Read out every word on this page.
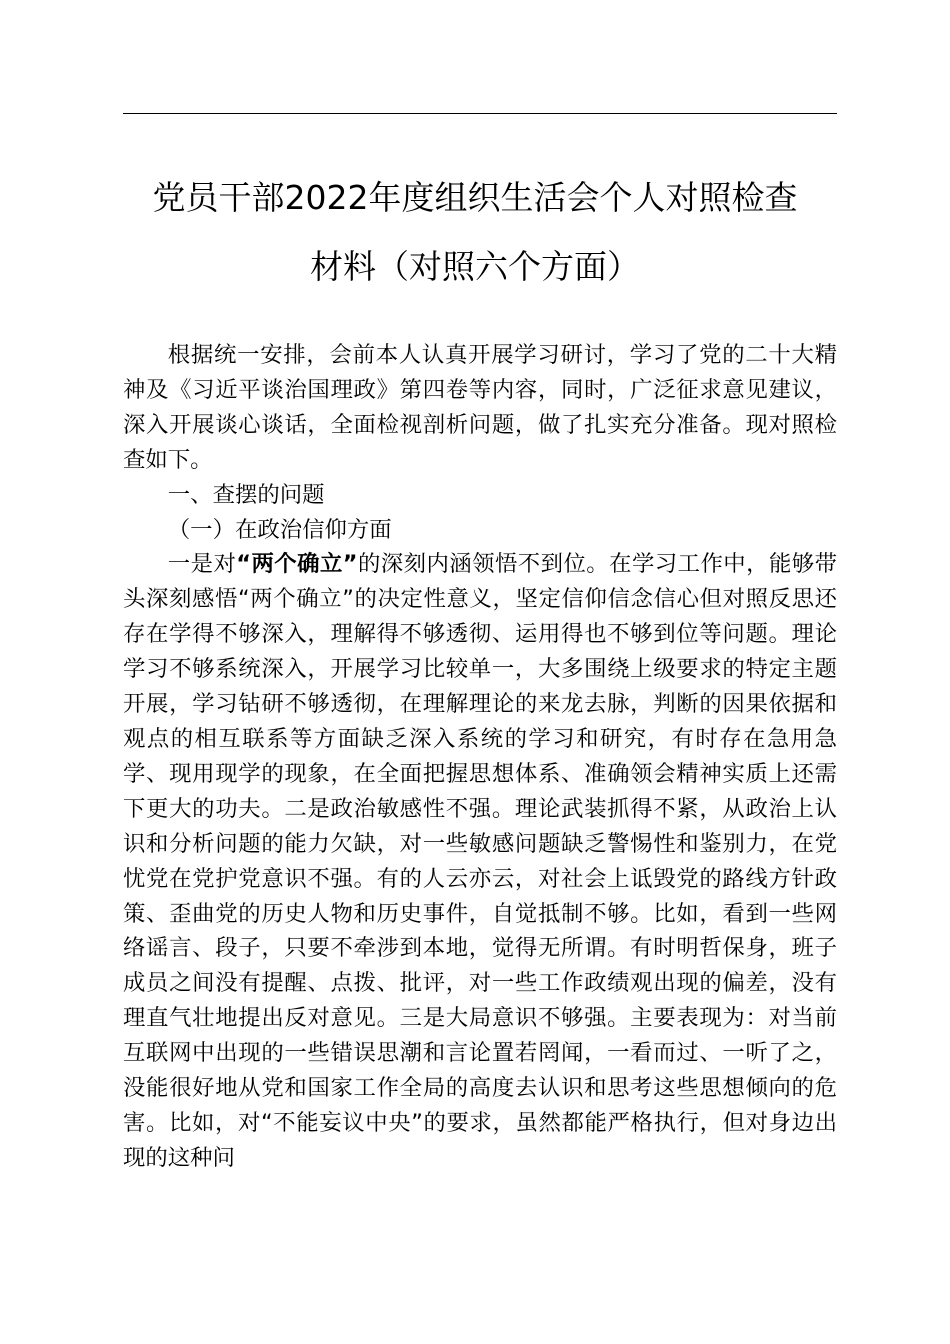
党员干部2022年度组织生活会个人对照检查
材料（对照六个方面）

根据统一安排，会前本人认真开展学习研讨，学习了党的二十大精神及《习近平谈治国理政》第四卷等内容，同时，广泛征求意见建议，深入开展谈心谈话，全面检视剖析问题，做了扎实充分准备。现对照检查如下。

一、查摆的问题

（一）在政治信仰方面

一是对“两个确立”的深刻内涵领悟不到位。在学习工作中，能够带头深刻感悟“两个确立”的决定性意义，坚定信仰信念信心但对照反思还存在学得不够深入，理解得不够透彻、运用得也不够到位等问题。理论学习不够系统深入，开展学习比较单一，大多围绕上级要求的特定主题开展，学习钻研不够透彻，在理解理论的来龙去脉，判断的因果依据和观点的相互联系等方面缺乏深入系统的学习和研究，有时存在急用急学、现用现学的现象，在全面把握思想体系、准确领会精神实质上还需下更大的功夫。二是政治敏感性不强。理论武装抓得不紧，从政治上认识和分析问题的能力欠缺，对一些敏感问题缺乏警惕性和鉴别力，在党忧党在党护党意识不强。有的人云亦云，对社会上诋毁党的路线方针政策、歪曲党的历史人物和历史事件，自觉抵制不够。比如，看到一些网络谣言、段子，只要不牵涉到本地，觉得无所谓。有时明哲保身，班子成员之间没有提醒、点拨、批评，对一些工作政绩观出现的偏差，没有理直气壮地提出反对意见。三是大局意识不够强。主要表现为：对当前互联网中出现的一些错误思潮和言论置若罔闻，一看而过、一听了之，没能很好地从党和国家工作全局的高度去认识和思考这些思想倾向的危害。比如，对“不能妄议中央”的要求，虽然都能严格执行，但对身边出现的这种问
